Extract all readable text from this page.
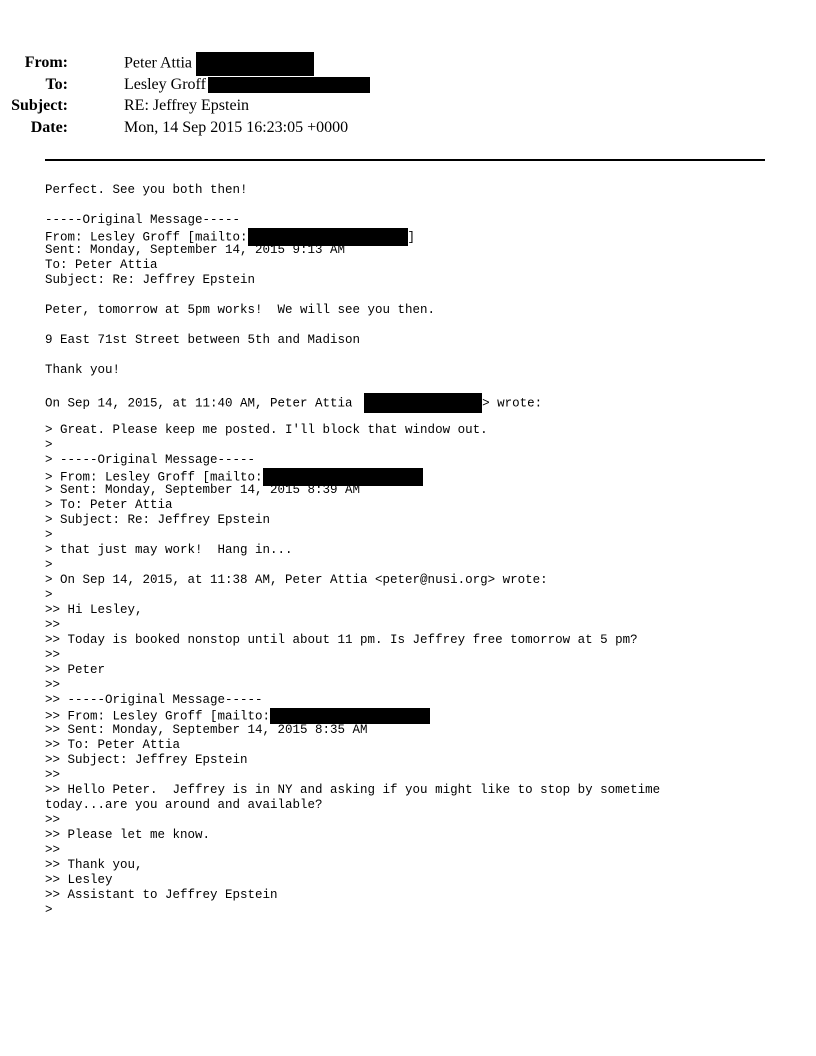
From:	Peter Attia
To:	Lesley Groff
Subject:	RE: Jeffrey Epstein
Date:	Mon, 14 Sep 2015 16:23:05 +0000
Perfect. See you both then!
-----Original Message-----
From: Lesley Groff [mailto:	]
Sent: Monday, September 14, 2015 9:13 AM
To: Peter Attia
Subject: Re: Jeffrey Epstein
Peter, tomorrow at 5pm works!  We will see you then.
9 East 71st Street between 5th and Madison
Thank you!
On Sep 14, 2015, at 11:40 AM, Peter Attia	> wrote:
> Great. Please keep me posted. I'll block that window out.
>
> -----Original Message-----
> From: Lesley Groff [mailto:
> Sent: Monday, September 14, 2015 8:39 AM
> To: Peter Attia
> Subject: Re: Jeffrey Epstein
>
> that just may work!  Hang in...
>
> On Sep 14, 2015, at 11:38 AM, Peter Attia <peter@nusi.org> wrote:
>
>> Hi Lesley,
>>
>> Today is booked nonstop until about 11 pm. Is Jeffrey free tomorrow at 5 pm?
>>
>> Peter
>>
>> -----Original Message-----
>> From: Lesley Groff [mailto:
>> Sent: Monday, September 14, 2015 8:35 AM
>> To: Peter Attia
>> Subject: Jeffrey Epstein
>>
>> Hello Peter.  Jeffrey is in NY and asking if you might like to stop by sometime
today...are you around and available?
>>
>> Please let me know.
>>
>> Thank you,
>> Lesley
>> Assistant to Jeffrey Epstein
>
